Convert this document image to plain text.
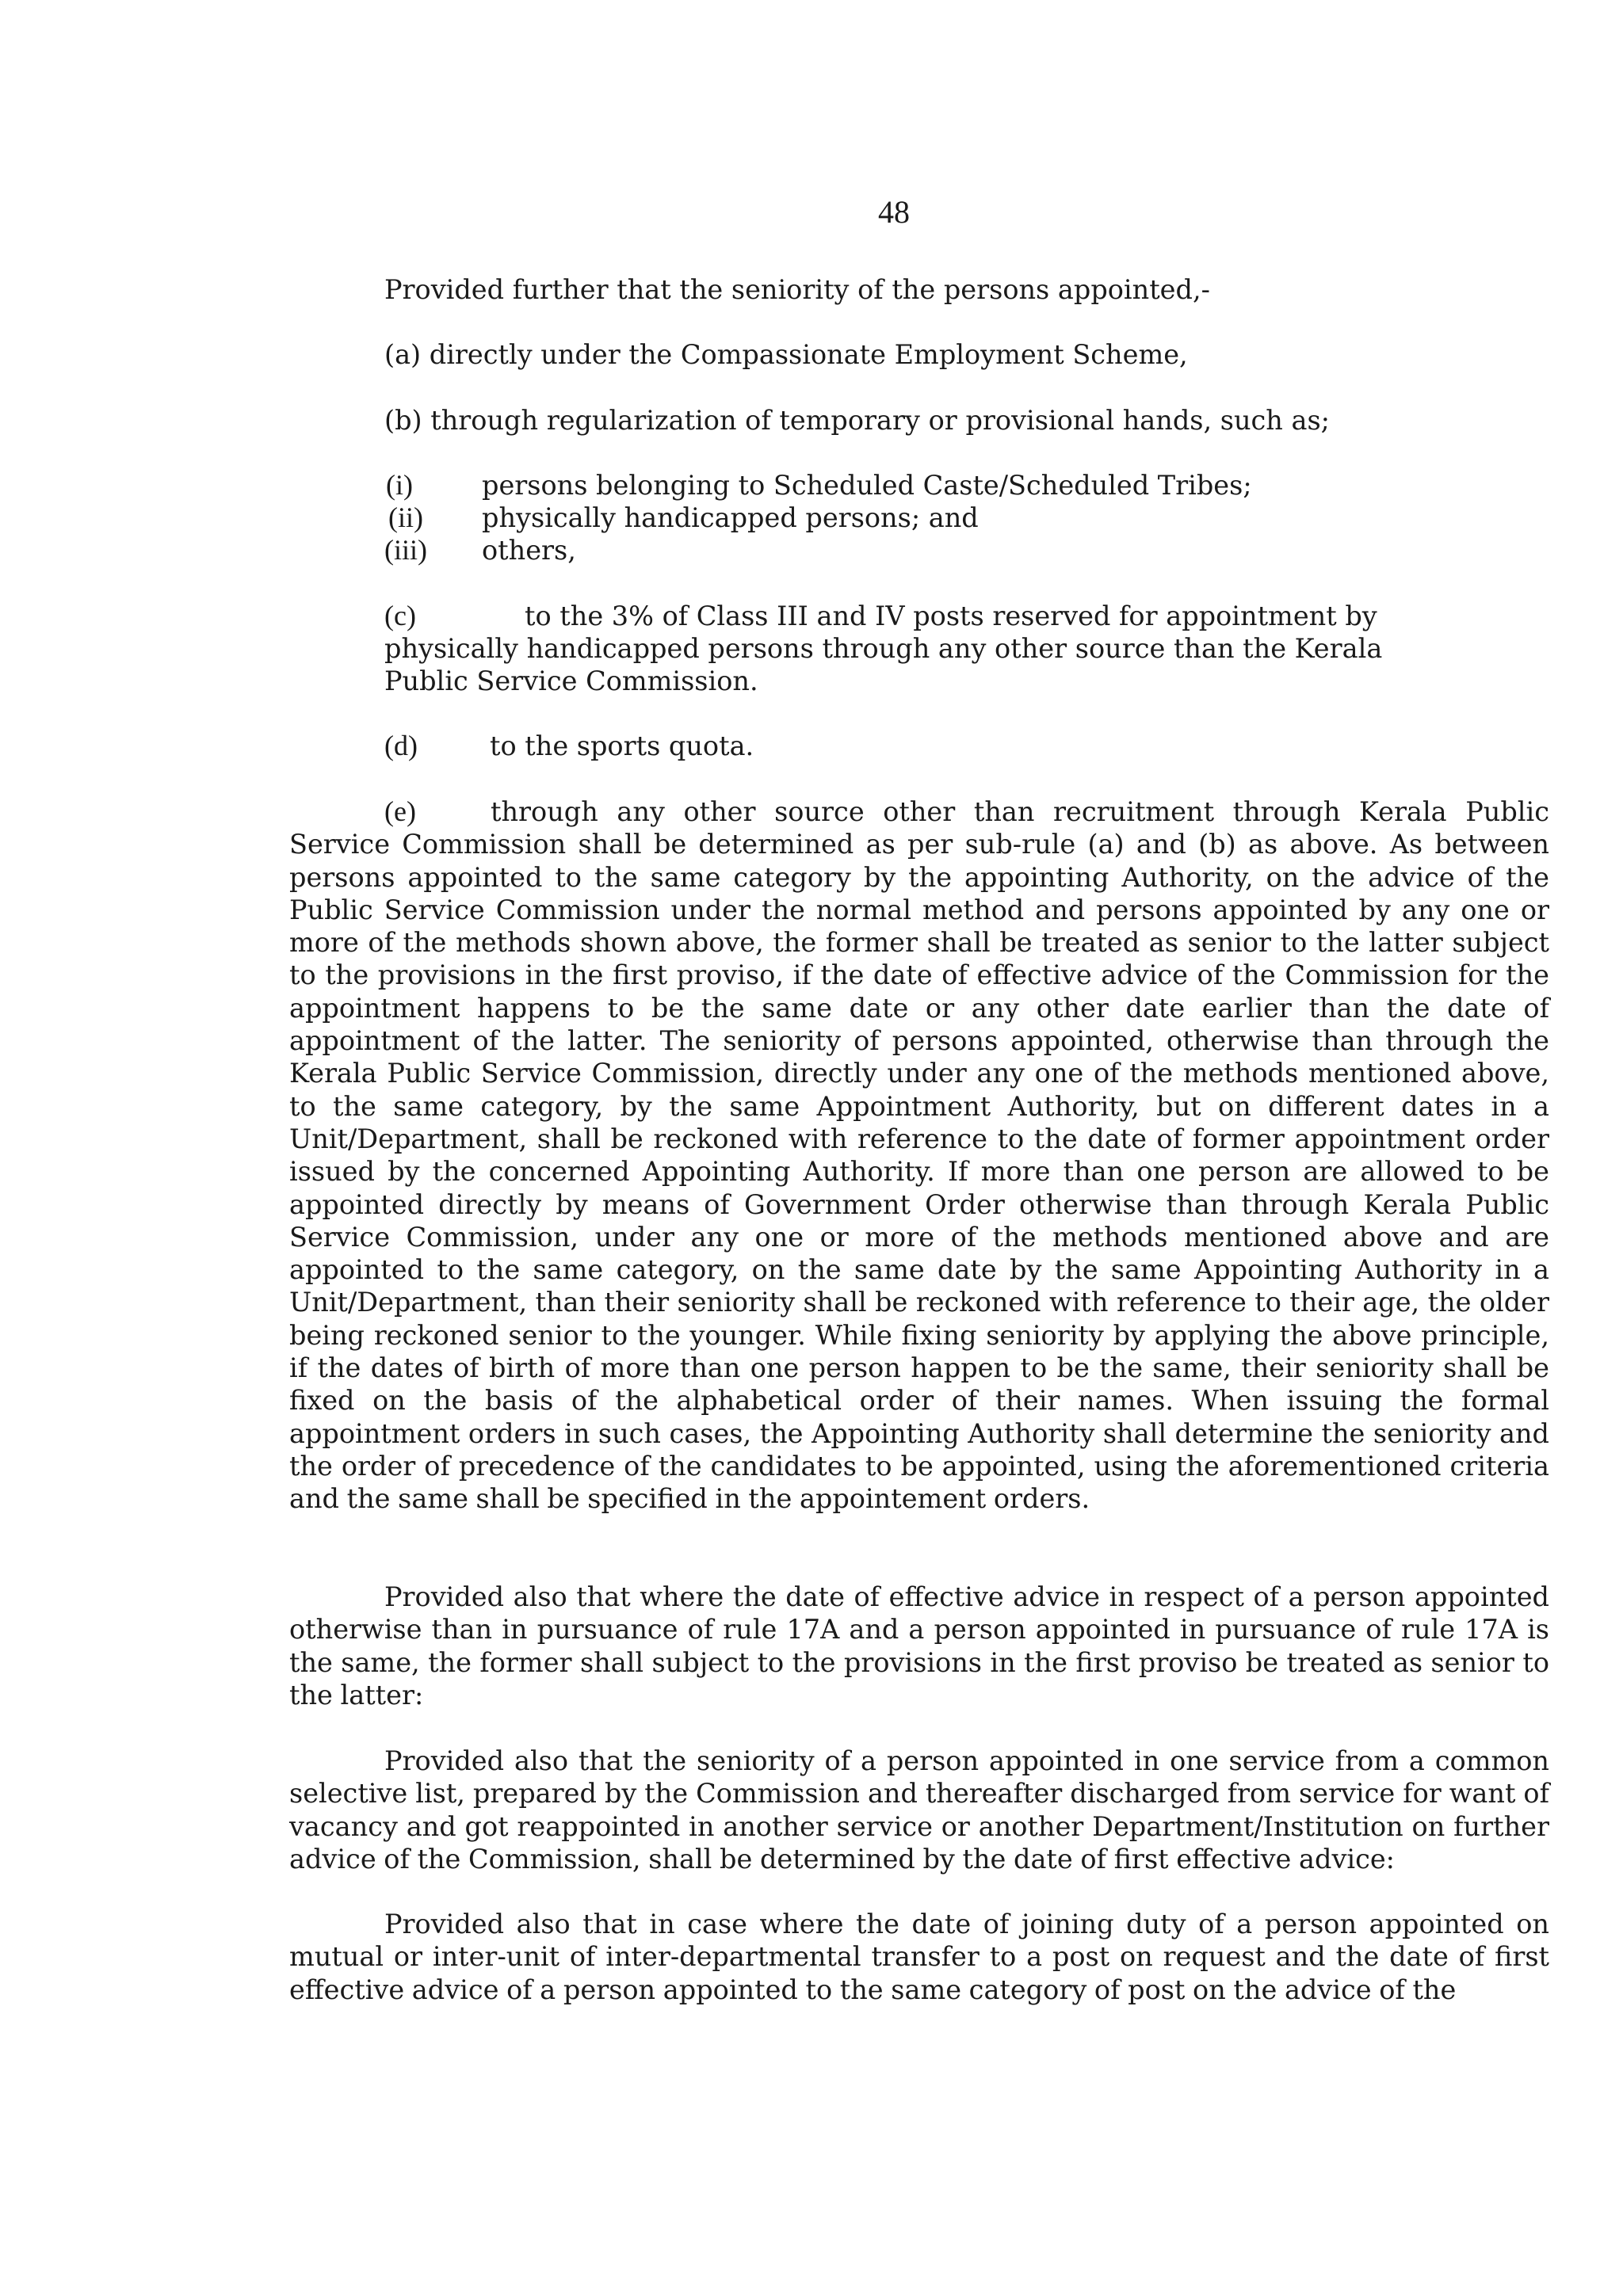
48
Provided further that the seniority of the persons appointed,-
(a) directly under the Compassionate Employment Scheme,
(b) through regularization of temporary or provisional hands, such as;
(i)	persons belonging to Scheduled Caste/Scheduled Tribes;
(ii) physically handicapped persons; and
(iii) others,
(c)	to the 3% of Class III and IV posts reserved for appointment by
physically handicapped persons through any other source than the Kerala
Public Service Commission.
(d)	to the sports quota.
(e)	through any other source other than recruitment through Kerala Public Service Commission shall be determined as per sub-rule (a) and (b) as above. As between persons appointed to the same category by the appointing Authority, on the advice of the Public Service Commission under the normal method and persons appointed by any one or more of the methods shown above, the former shall be treated as senior to the latter subject to the provisions in the first proviso, if the date of effective advice of the Commission for the appointment happens to be the same date or any other date earlier than the date of appointment of the latter. The seniority of persons appointed, otherwise than through the Kerala Public Service Commission, directly under any one of the methods mentioned above, to the same category, by the same Appointment Authority, but on different dates in a Unit/Department, shall be reckoned with reference to the date of former appointment order issued by the concerned Appointing Authority. If more than one person are allowed to be appointed directly by means of Government Order otherwise than through Kerala Public Service Commission, under any one or more of the methods mentioned above and are appointed to the same category, on the same date by the same Appointing Authority in a Unit/Department, than their seniority shall be reckoned with reference to their age, the older being reckoned senior to the younger. While fixing seniority by applying the above principle, if the dates of birth of more than one person happen to be the same, their seniority shall be fixed on the basis of the alphabetical order of their names. When issuing the formal appointment orders in such cases, the Appointing Authority shall determine the seniority and the order of precedence of the candidates to be appointed, using the aforementioned criteria and the same shall be specified in the appointement orders.
Provided also that where the date of effective advice in respect of a person appointed otherwise than in pursuance of rule 17A and a person appointed in pursuance of rule 17A is the same, the former shall subject to the provisions in the first proviso be treated as senior to the latter:
Provided also that the seniority of a person appointed in one service from a common selective list, prepared by the Commission and thereafter discharged from service for want of vacancy and got reappointed in another service or another Department/Institution on further advice of the Commission, shall be determined by the date of first effective advice:
Provided also that in case where the date of joining duty of a person appointed on mutual or inter-unit of inter-departmental transfer to a post on request and the date of first effective advice of a person appointed to the same category of post on the advice of the
